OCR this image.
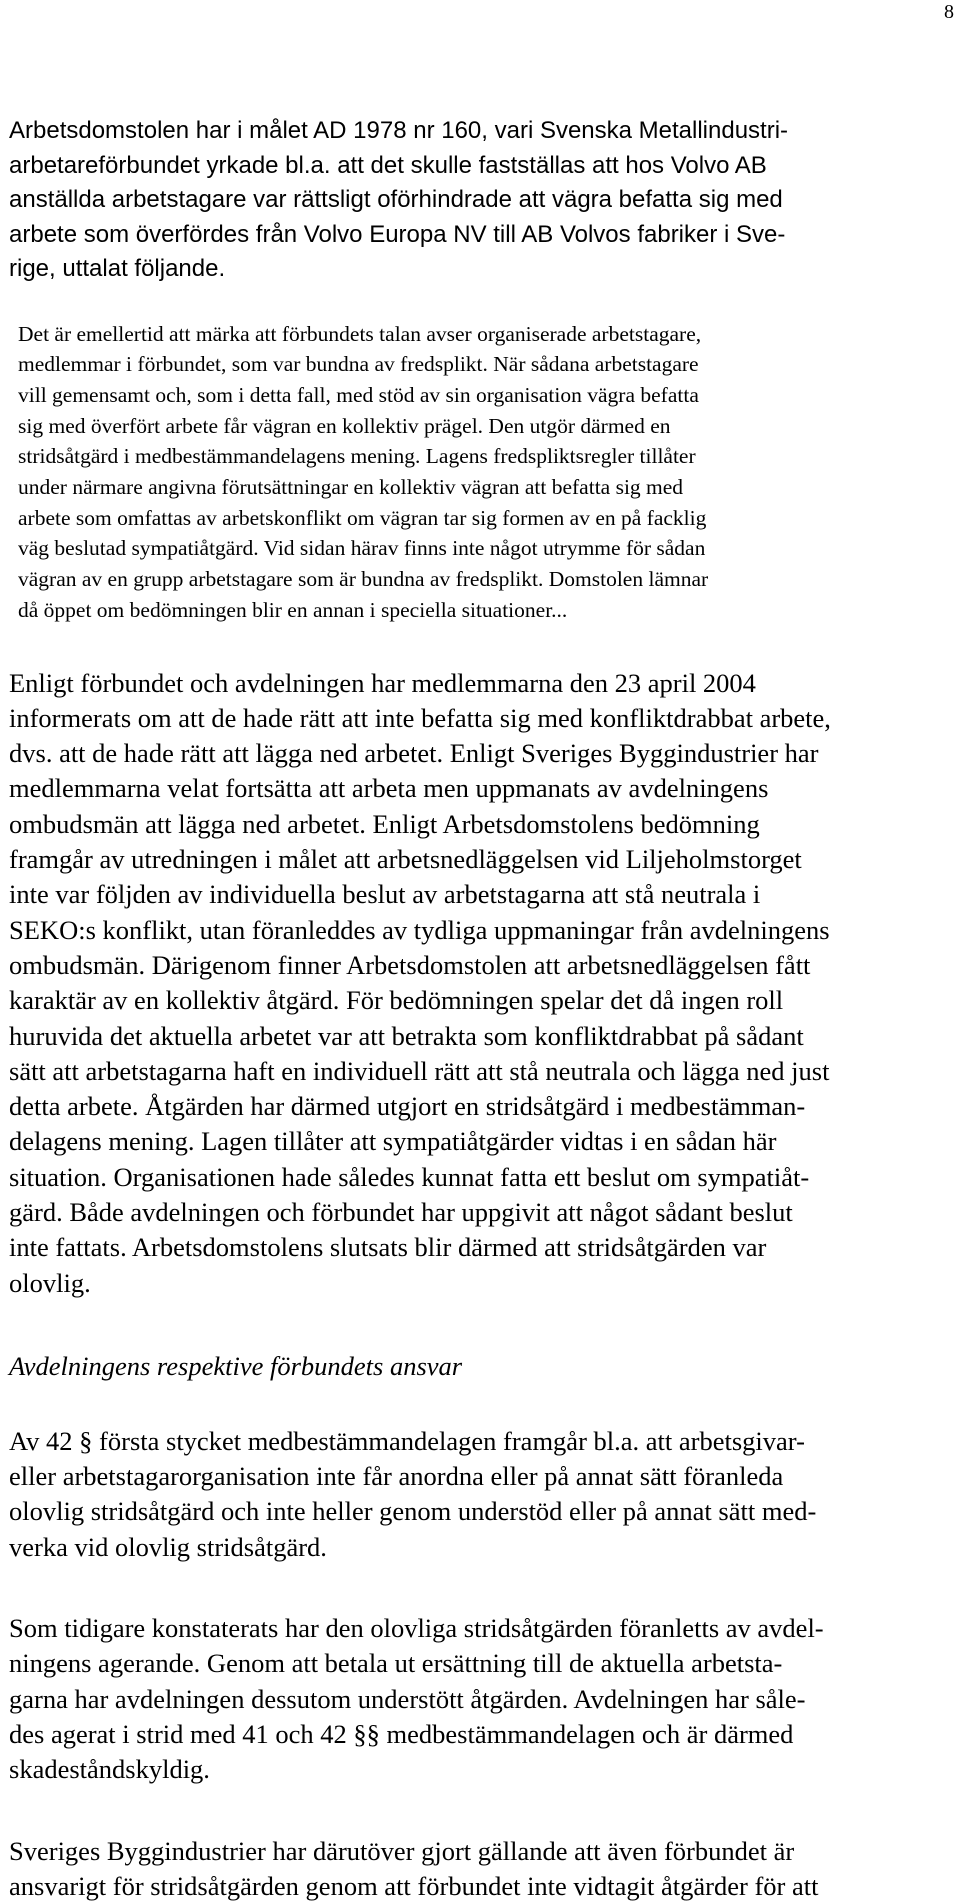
8

Arbetsdomstolen har i målet AD 1978 nr 160, vari Svenska Metallindustri-
arbetareförbundet yrkade bl.a. att det skulle fastställas att hos Volvo AB
anställda arbetstagare var rättsligt oförhindrade att vägra befatta sig med
arbete som överfördes från Volvo Europa NV till AB Volvos fabriker i Sve-
rige, uttalat följande.

Det är emellertid att märka att förbundets talan avser organiserade arbetstagare,
medlemmar i förbundet, som var bundna av fredsplikt. När sådana arbetstagare
vill gemensamt och, som i detta fall, med stöd av sin organisation vägra befatta
sig med överfört arbete får vägran en kollektiv prägel. Den utgör därmed en
stridsåtgärd i medbestämmandelagens mening. Lagens fredspliktsregler tillåter
under närmare angivna förutsättningar en kollektiv vägran att befatta sig med
arbete som omfattas av arbetskonflikt om vägran tar sig formen av en på facklig
väg beslutad sympatiåtgärd. Vid sidan härav finns inte något utrymme för sådan
vägran av en grupp arbetstagare som är bundna av fredsplikt. Domstolen lämnar
då öppet om bedömningen blir en annan i speciella situationer...

Enligt förbundet och avdelningen har medlemmarna den 23 april 2004
informerats om att de hade rätt att inte befatta sig med konfliktdrabbat arbete,
dvs. att de hade rätt att lägga ned arbetet. Enligt Sveriges Byggindustrier har
medlemmarna velat fortsätta att arbeta men uppmanats av avdelningens
ombudsmän att lägga ned arbetet. Enligt Arbetsdomstolens bedömning
framgår av utredningen i målet att arbetsnedläggelsen vid Liljeholmstorget
inte var följden av individuella beslut av arbetstagarna att stå neutrala i
SEKO:s konflikt, utan föranleddes av tydliga uppmaningar från avdelningens
ombudsmän. Därigenom finner Arbetsdomstolen att arbetsnedläggelsen fått
karaktär av en kollektiv åtgärd. För bedömningen spelar det då ingen roll
huruvida det aktuella arbetet var att betrakta som konfliktdrabbat på sådant
sätt att arbetstagarna haft en individuell rätt att stå neutrala och lägga ned just
detta arbete. Åtgärden har därmed utgjort en stridsåtgärd i medbestämman-
delagens mening. Lagen tillåter att sympatiåtgärder vidtas i en sådan här
situation. Organisationen hade således kunnat fatta ett beslut om sympatiåt-
gärd. Både avdelningen och förbundet har uppgivit att något sådant beslut
inte fattats. Arbetsdomstolens slutsats blir därmed att stridsåtgärden var
olovlig.

Avdelningens respektive förbundets ansvar

Av 42 § första stycket medbestämmandelagen framgår bl.a. att arbetsgivar-
eller arbetstagarorganisation inte får anordna eller på annat sätt föranleda
olovlig stridsåtgärd och inte heller genom understöd eller på annat sätt med-
verka vid olovlig stridsåtgärd.

Som tidigare konstaterats har den olovliga stridsåtgärden föranletts av avdel-
ningens agerande. Genom att betala ut ersättning till de aktuella arbetsta-
garna har avdelningen dessutom understött åtgärden. Avdelningen har såle-
des agerat i strid med 41 och 42 §§ medbestämmandelagen och är därmed
skadeståndskyldig.

Sveriges Byggindustrier har därutöver gjort gällande att även förbundet är
ansvarigt för stridsåtgärden genom att förbundet inte vidtagit åtgärder för att
